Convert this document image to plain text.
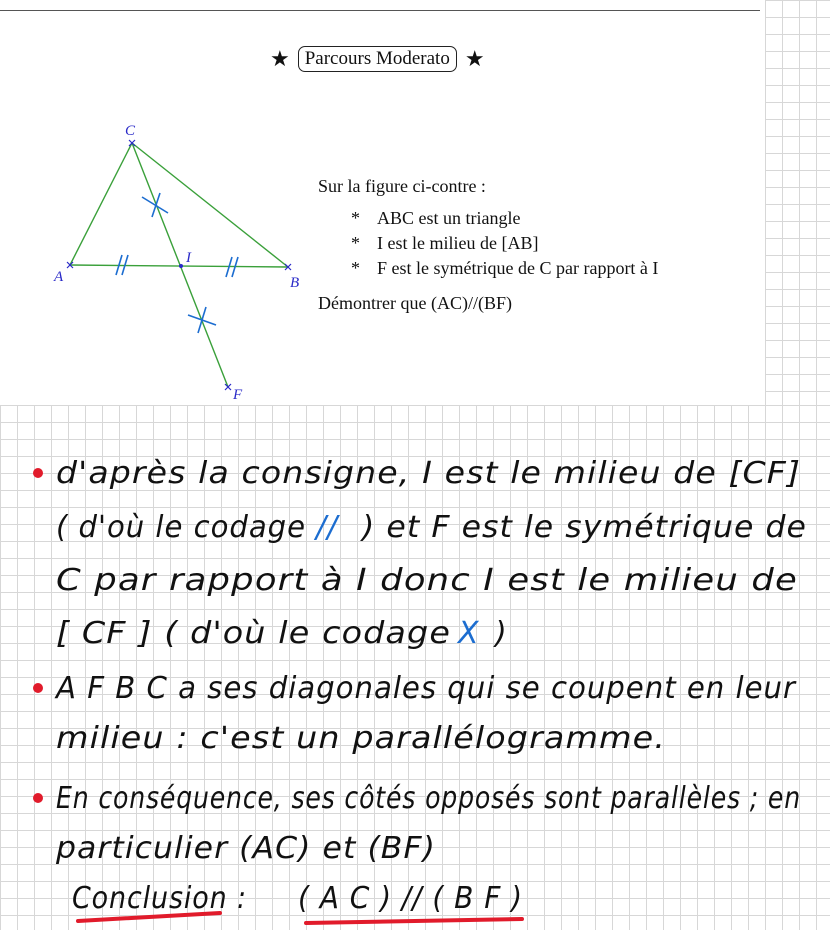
★ Parcours Moderato ★
C
A
I
B
F

Sur la figure ci-contre :

* ABC est un triangle
* I est le milieu de [AB]
* F est le symétrique de C par rapport à I

Démontrer que (AC)//(BF)

d'après la consigne, I est le milieu de [CF]
( d'où le codage // ) et F est le symétrique de
C par rapport à I donc I est le milieu de
[ CF ] ( d'où le codage X )
A F B C a ses diagonales qui se coupent en leur
milieu : c'est un parallélogramme.
En conséquence, ses côtés opposés sont parallèles ; en
particulier (AC) et (BF)
Conclusion : ( A C ) // ( B F )
